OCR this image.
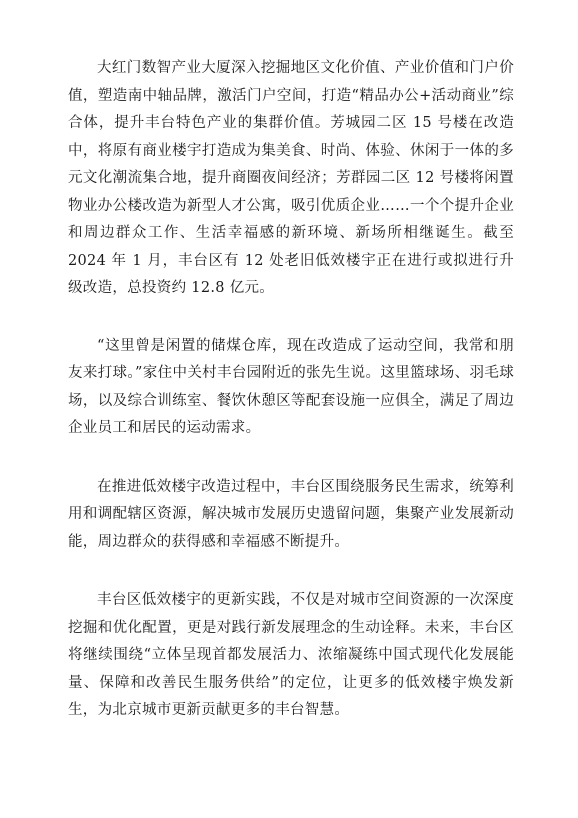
大红门数智产业大厦深入挖掘地区文化价值、产业价值和门户价值，塑造南中轴品牌，激活门户空间，打造“精品办公+活动商业”综合体，提升丰台特色产业的集群价值。芳城园二区 15 号楼在改造中，将原有商业楼宇打造成为集美食、时尚、体验、休闲于一体的多元文化潮流集合地，提升商圈夜间经济；芳群园二区 12 号楼将闲置物业办公楼改造为新型人才公寓，吸引优质企业……一个个提升企业和周边群众工作、生活幸福感的新环境、新场所相继诞生。截至 2024 年 1 月，丰台区有 12 处老旧低效楼宇正在进行或拟进行升级改造，总投资约 12.8 亿元。

“这里曾是闲置的储煤仓库，现在改造成了运动空间，我常和朋友来打球。”家住中关村丰台园附近的张先生说。这里篮球场、羽毛球场，以及综合训练室、餐饮休憩区等配套设施一应俱全，满足了周边企业员工和居民的运动需求。

在推进低效楼宇改造过程中，丰台区围绕服务民生需求，统筹利用和调配辖区资源，解决城市发展历史遗留问题，集聚产业发展新动能，周边群众的获得感和幸福感不断提升。

丰台区低效楼宇的更新实践，不仅是对城市空间资源的一次深度挖掘和优化配置，更是对践行新发展理念的生动诠释。未来，丰台区将继续围绕“立体呈现首都发展活力、浓缩凝练中国式现代化发展能量、保障和改善民生服务供给”的定位，让更多的低效楼宇焕发新生，为北京城市更新贡献更多的丰台智慧。
